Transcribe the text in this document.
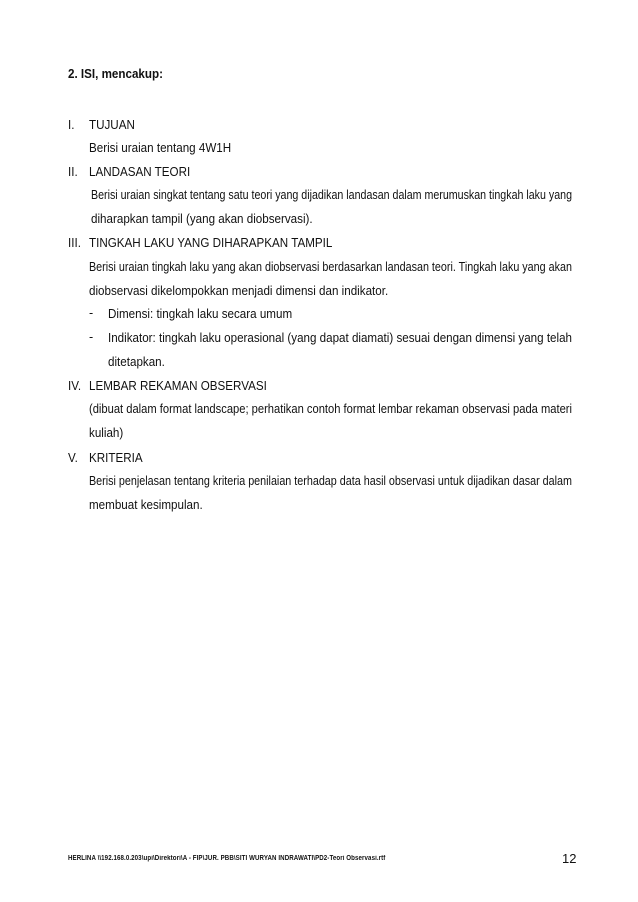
2. ISI, mencakup:
I. TUJUAN
Berisi uraian tentang 4W1H
II. LANDASAN TEORI
Berisi uraian singkat tentang satu teori yang dijadikan landasan dalam merumuskan tingkah laku yang
diharapkan tampil (yang akan diobservasi).
III. TINGKAH LAKU YANG DIHARAPKAN TAMPIL
Berisi uraian tingkah laku yang akan diobservasi berdasarkan landasan teori. Tingkah laku yang akan
diobservasi dikelompokkan menjadi dimensi dan indikator.
- Dimensi: tingkah laku secara umum
- Indikator: tingkah laku operasional (yang dapat diamati) sesuai dengan dimensi yang telah
ditetapkan.
IV. LEMBAR REKAMAN OBSERVASI
(dibuat dalam format landscape; perhatikan contoh format lembar rekaman observasi pada materi
kuliah)
V. KRITERIA
Berisi penjelasan tentang kriteria penilaian terhadap data hasil observasi untuk dijadikan dasar dalam
membuat kesimpulan.
HERLINA \\192.168.0.203\upi\Direktori\A - FIP\JUR. PBB\SITI WURYAN INDRAWATI\PD2-Teori Observasi.rtf	12
